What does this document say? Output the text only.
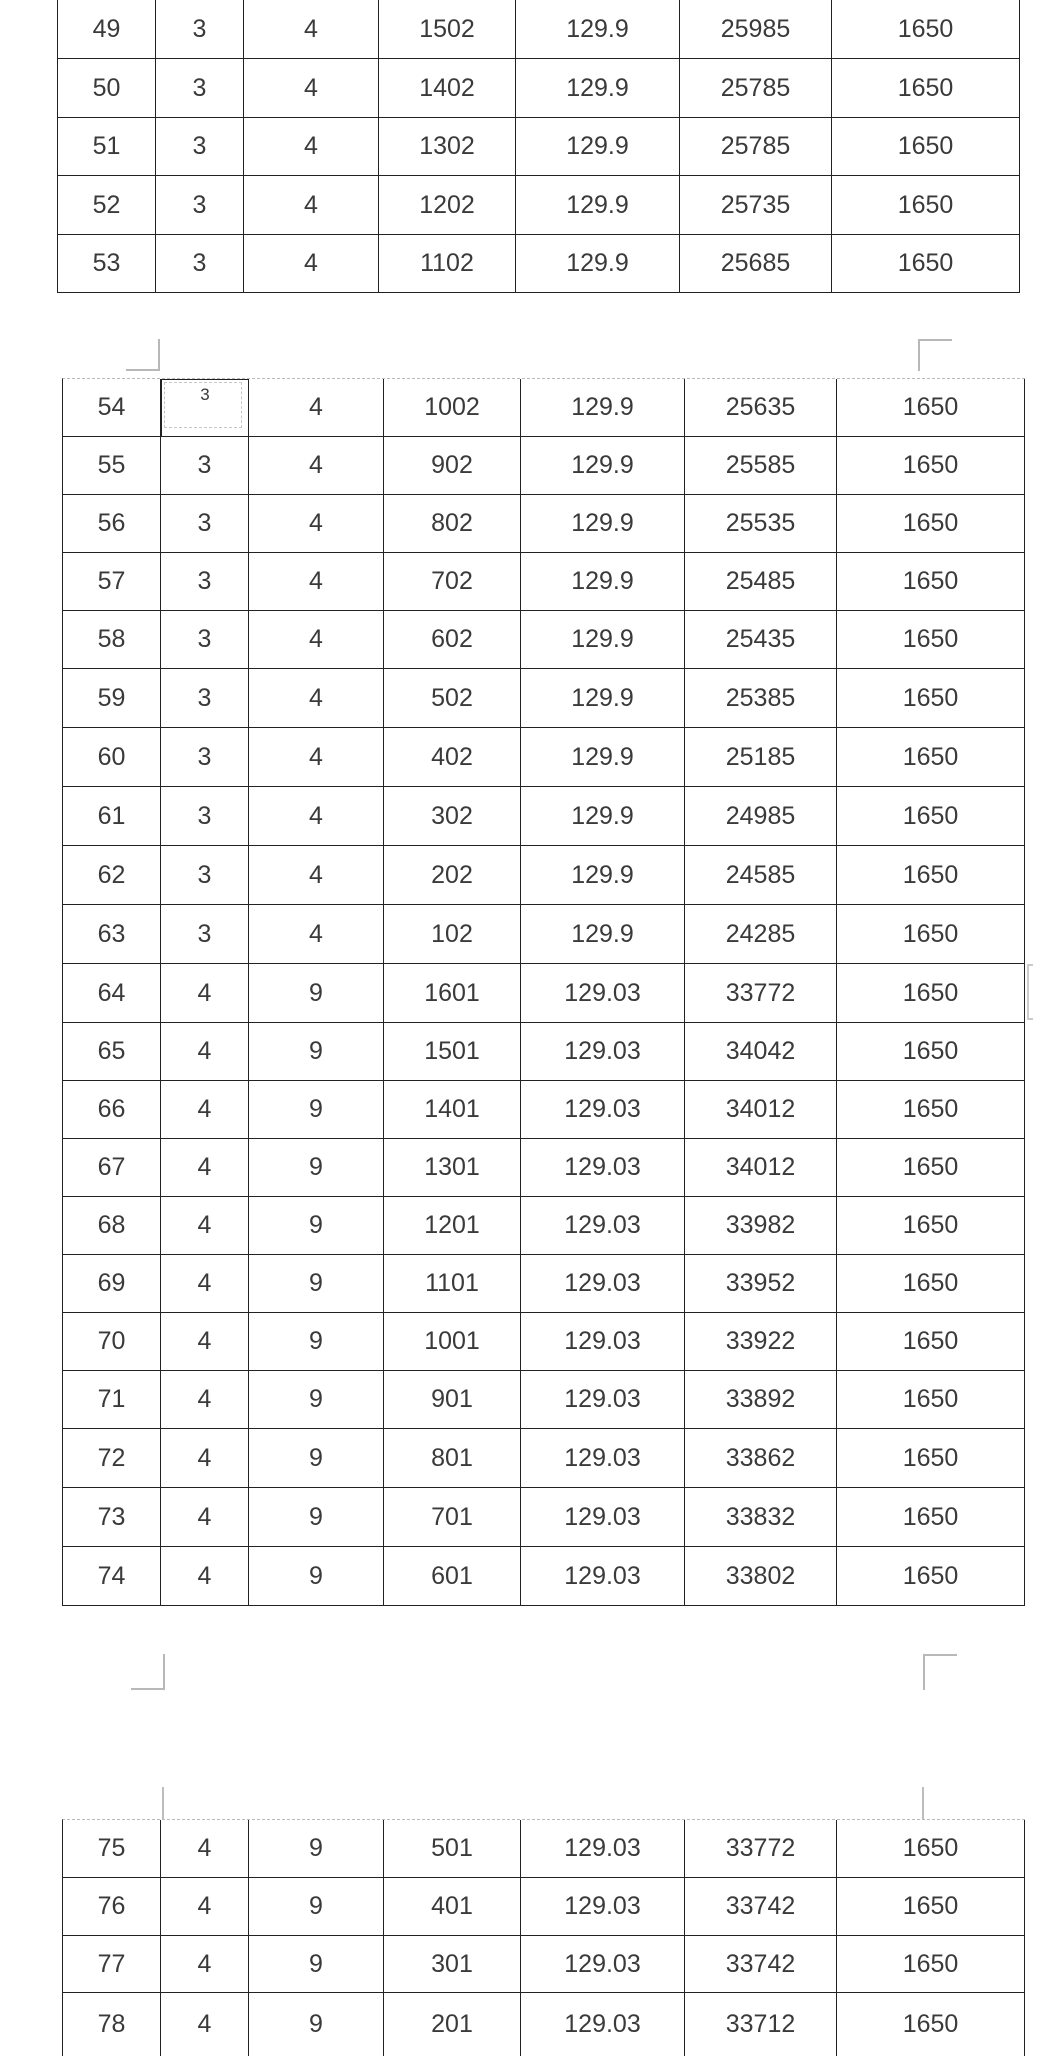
49	3	4	1502	129.9	25985	1650
50	3	4	1402	129.9	25785	1650
51	3	4	1302	129.9	25785	1650
52	3	4	1202	129.9	25735	1650
53	3	4	1102	129.9	25685	1650
54	3	4	1002	129.9	25635	1650
55	3	4	902	129.9	25585	1650
56	3	4	802	129.9	25535	1650
57	3	4	702	129.9	25485	1650
58	3	4	602	129.9	25435	1650
59	3	4	502	129.9	25385	1650
60	3	4	402	129.9	25185	1650
61	3	4	302	129.9	24985	1650
62	3	4	202	129.9	24585	1650
63	3	4	102	129.9	24285	1650
64	4	9	1601	129.03	33772	1650
65	4	9	1501	129.03	34042	1650
66	4	9	1401	129.03	34012	1650
67	4	9	1301	129.03	34012	1650
68	4	9	1201	129.03	33982	1650
69	4	9	1101	129.03	33952	1650
70	4	9	1001	129.03	33922	1650
71	4	9	901	129.03	33892	1650
72	4	9	801	129.03	33862	1650
73	4	9	701	129.03	33832	1650
74	4	9	601	129.03	33802	1650
75	4	9	501	129.03	33772	1650
76	4	9	401	129.03	33742	1650
77	4	9	301	129.03	33742	1650
78	4	9	201	129.03	33712	1650
